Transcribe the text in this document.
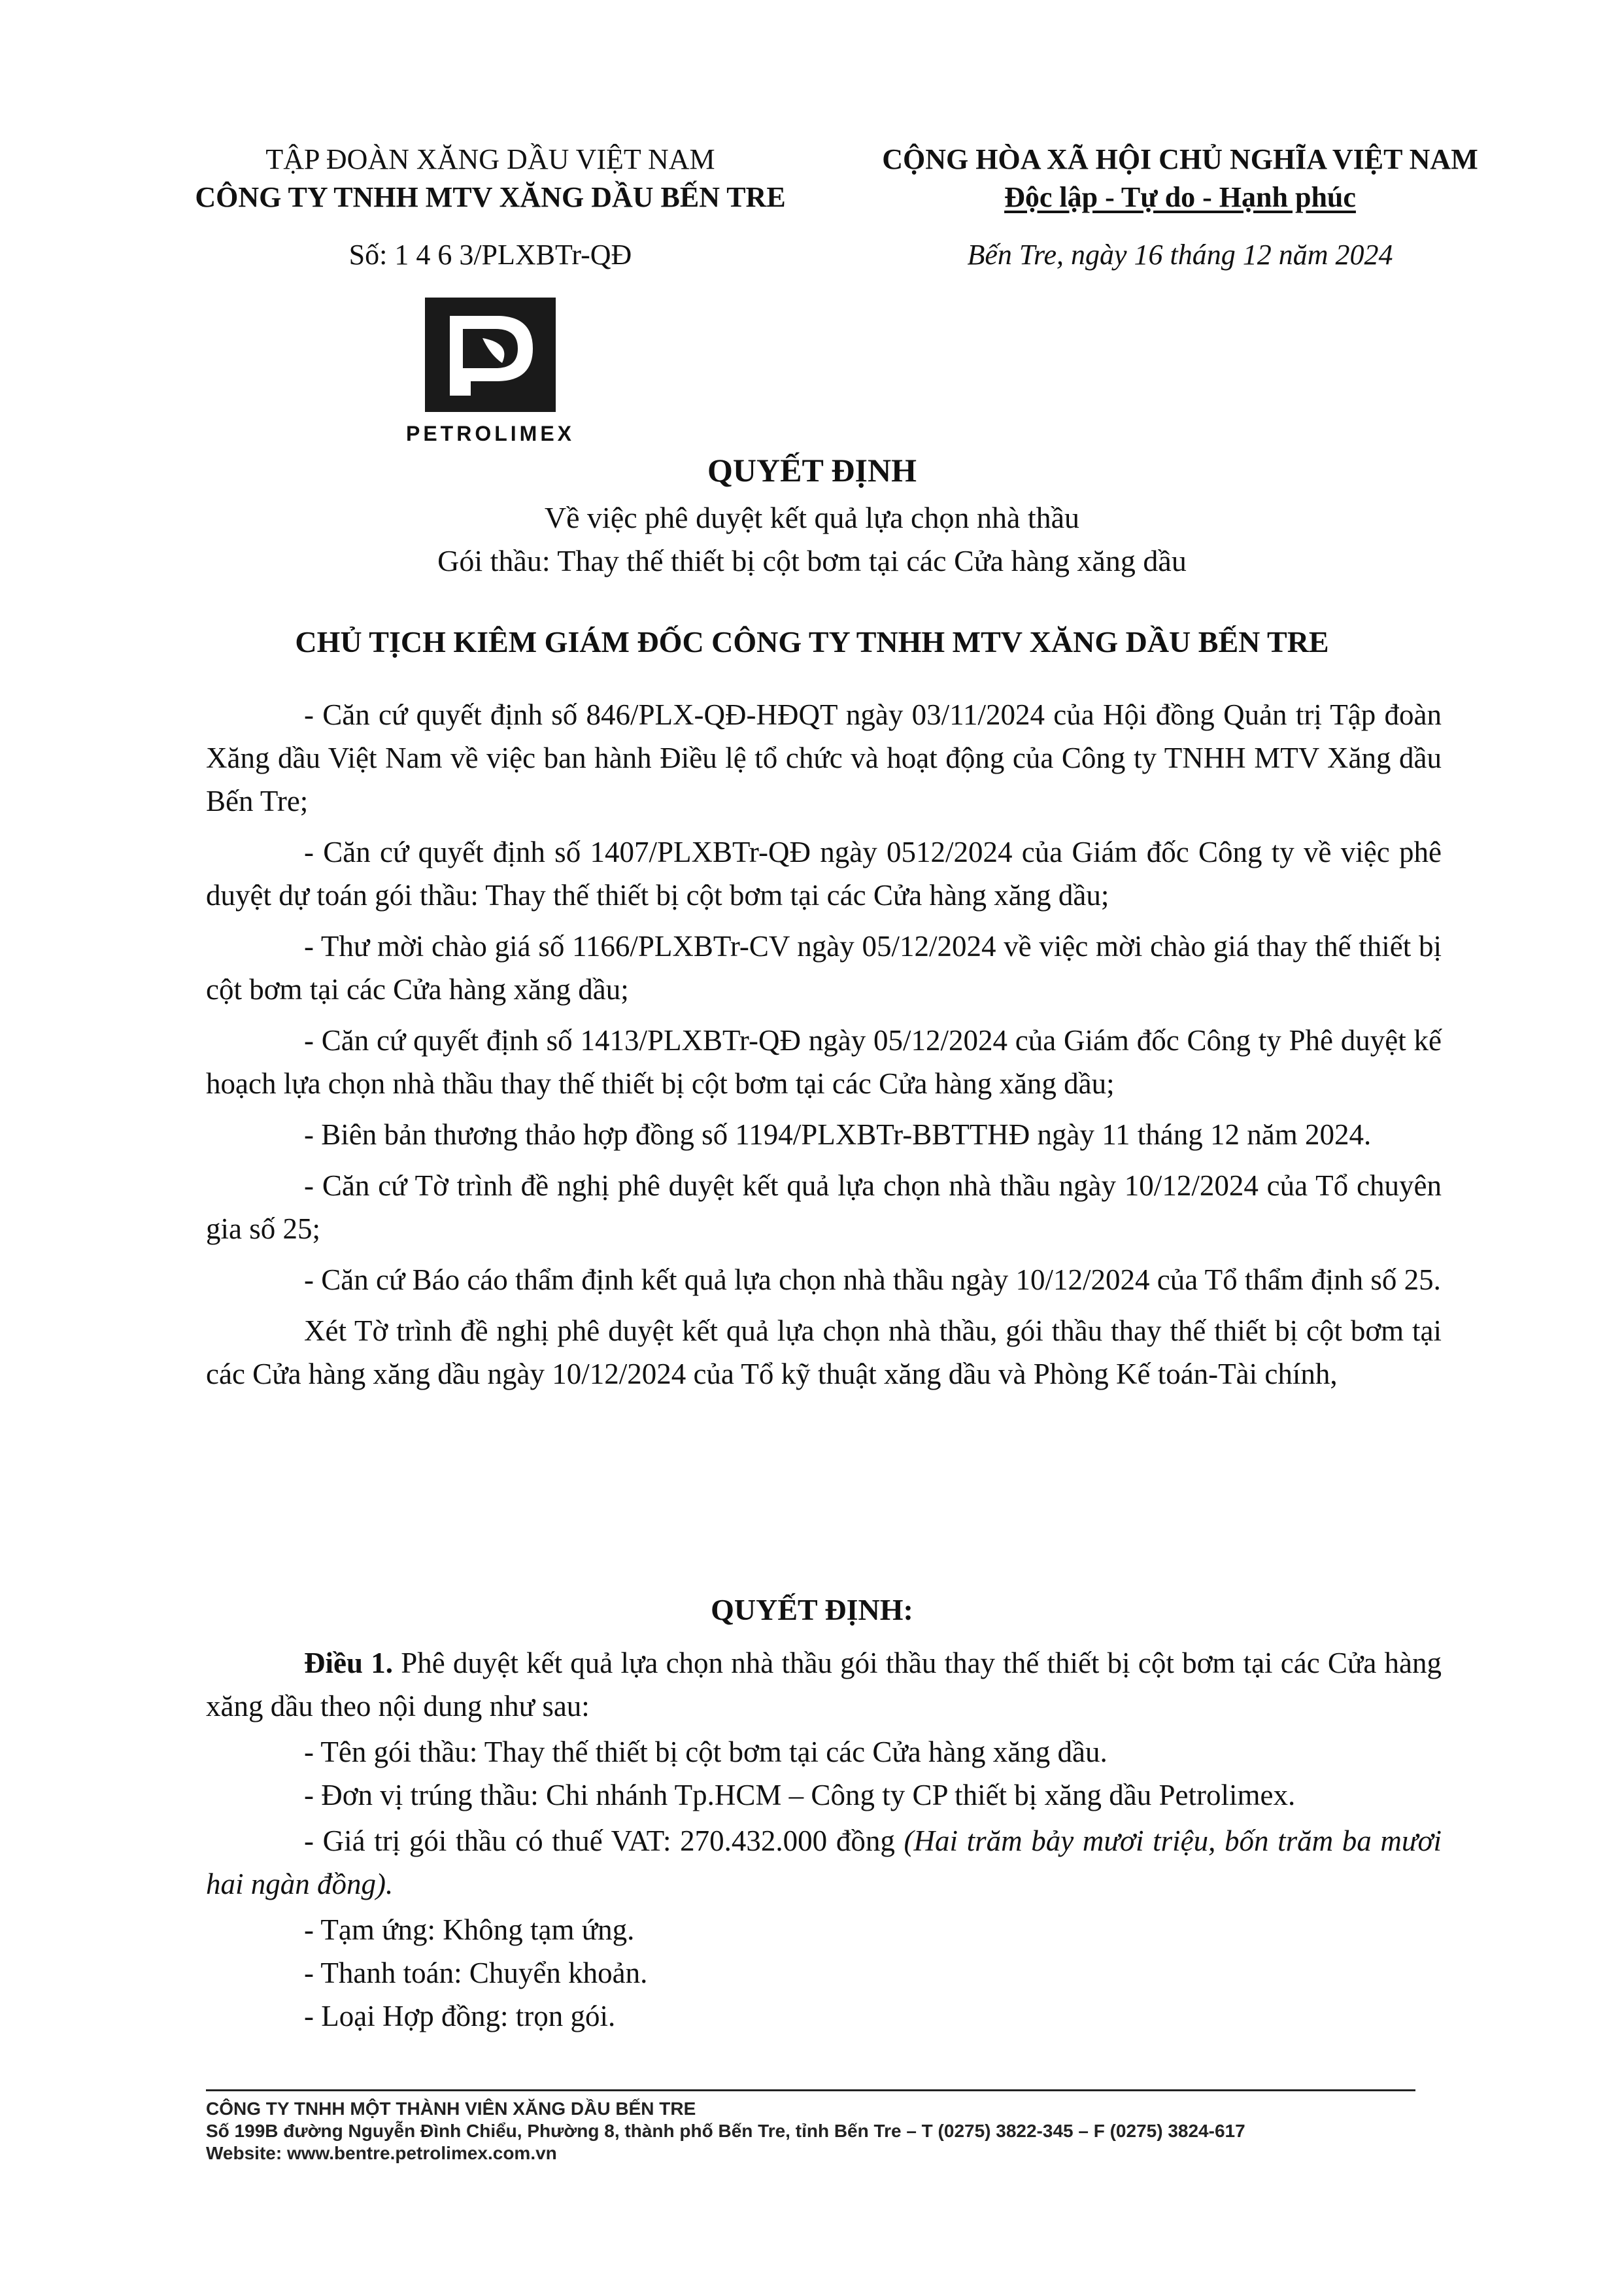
TẬP ĐOÀN XĂNG DẦU VIỆT NAM
CÔNG TY TNHH MTV XĂNG DẦU BẾN TRE
Số: 1 4 6 3/PLXBTr-QĐ
CỘNG HÒA XÃ HỘI CHỦ NGHĨA VIỆT NAM
Độc lập - Tự do - Hạnh phúc
Bến Tre, ngày 16 tháng 12 năm 2024
PETROLIMEX
QUYẾT ĐỊNH
Về việc phê duyệt kết quả lựa chọn nhà thầu
Gói thầu: Thay thế thiết bị cột bơm tại các Cửa hàng xăng dầu
CHỦ TỊCH KIÊM GIÁM ĐỐC CÔNG TY TNHH MTV XĂNG DẦU BẾN TRE

- Căn cứ quyết định số 846/PLX-QĐ-HĐQT ngày 03/11/2024 của Hội đồng Quản trị Tập đoàn Xăng dầu Việt Nam về việc ban hành Điều lệ tổ chức và hoạt động của Công ty TNHH MTV Xăng dầu Bến Tre;

- Căn cứ quyết định số 1407/PLXBTr-QĐ ngày 0512/2024 của Giám đốc Công ty về việc phê duyệt dự toán gói thầu: Thay thế thiết bị cột bơm tại các Cửa hàng xăng dầu;

- Thư mời chào giá số 1166/PLXBTr-CV ngày 05/12/2024 về việc mời chào giá thay thế thiết bị cột bơm tại các Cửa hàng xăng dầu;

- Căn cứ quyết định số 1413/PLXBTr-QĐ ngày 05/12/2024 của Giám đốc Công ty Phê duyệt kế hoạch lựa chọn nhà thầu thay thế thiết bị cột bơm tại các Cửa hàng xăng dầu;

- Biên bản thương thảo hợp đồng số 1194/PLXBTr-BBTTHĐ ngày 11 tháng 12 năm 2024.

- Căn cứ Tờ trình đề nghị phê duyệt kết quả lựa chọn nhà thầu ngày 10/12/2024 của Tổ chuyên gia số 25;

- Căn cứ Báo cáo thẩm định kết quả lựa chọn nhà thầu ngày 10/12/2024 của Tổ thẩm định số 25.

Xét Tờ trình đề nghị phê duyệt kết quả lựa chọn nhà thầu, gói thầu thay thế thiết bị cột bơm tại các Cửa hàng xăng dầu ngày 10/12/2024 của Tổ kỹ thuật xăng dầu và Phòng Kế toán-Tài chính,

QUYẾT ĐỊNH:

Điều 1. Phê duyệt kết quả lựa chọn nhà thầu gói thầu thay thế thiết bị cột bơm tại các Cửa hàng xăng dầu theo nội dung như sau:

- Tên gói thầu: Thay thế thiết bị cột bơm tại các Cửa hàng xăng dầu.

- Đơn vị trúng thầu: Chi nhánh Tp.HCM – Công ty CP thiết bị xăng dầu Petrolimex.

- Giá trị gói thầu có thuế VAT: 270.432.000 đồng (Hai trăm bảy mươi triệu, bốn trăm ba mươi hai ngàn đồng).

- Tạm ứng: Không tạm ứng.

- Thanh toán: Chuyển khoản.

- Loại Hợp đồng: trọn gói.

CÔNG TY TNHH MỘT THÀNH VIÊN XĂNG DẦU BẾN TRE
Số 199B đường Nguyễn Đình Chiểu, Phường 8, thành phố Bến Tre, tỉnh Bến Tre – T (0275) 3822-345 – F (0275) 3824-617
Website: www.bentre.petrolimex.com.vn
